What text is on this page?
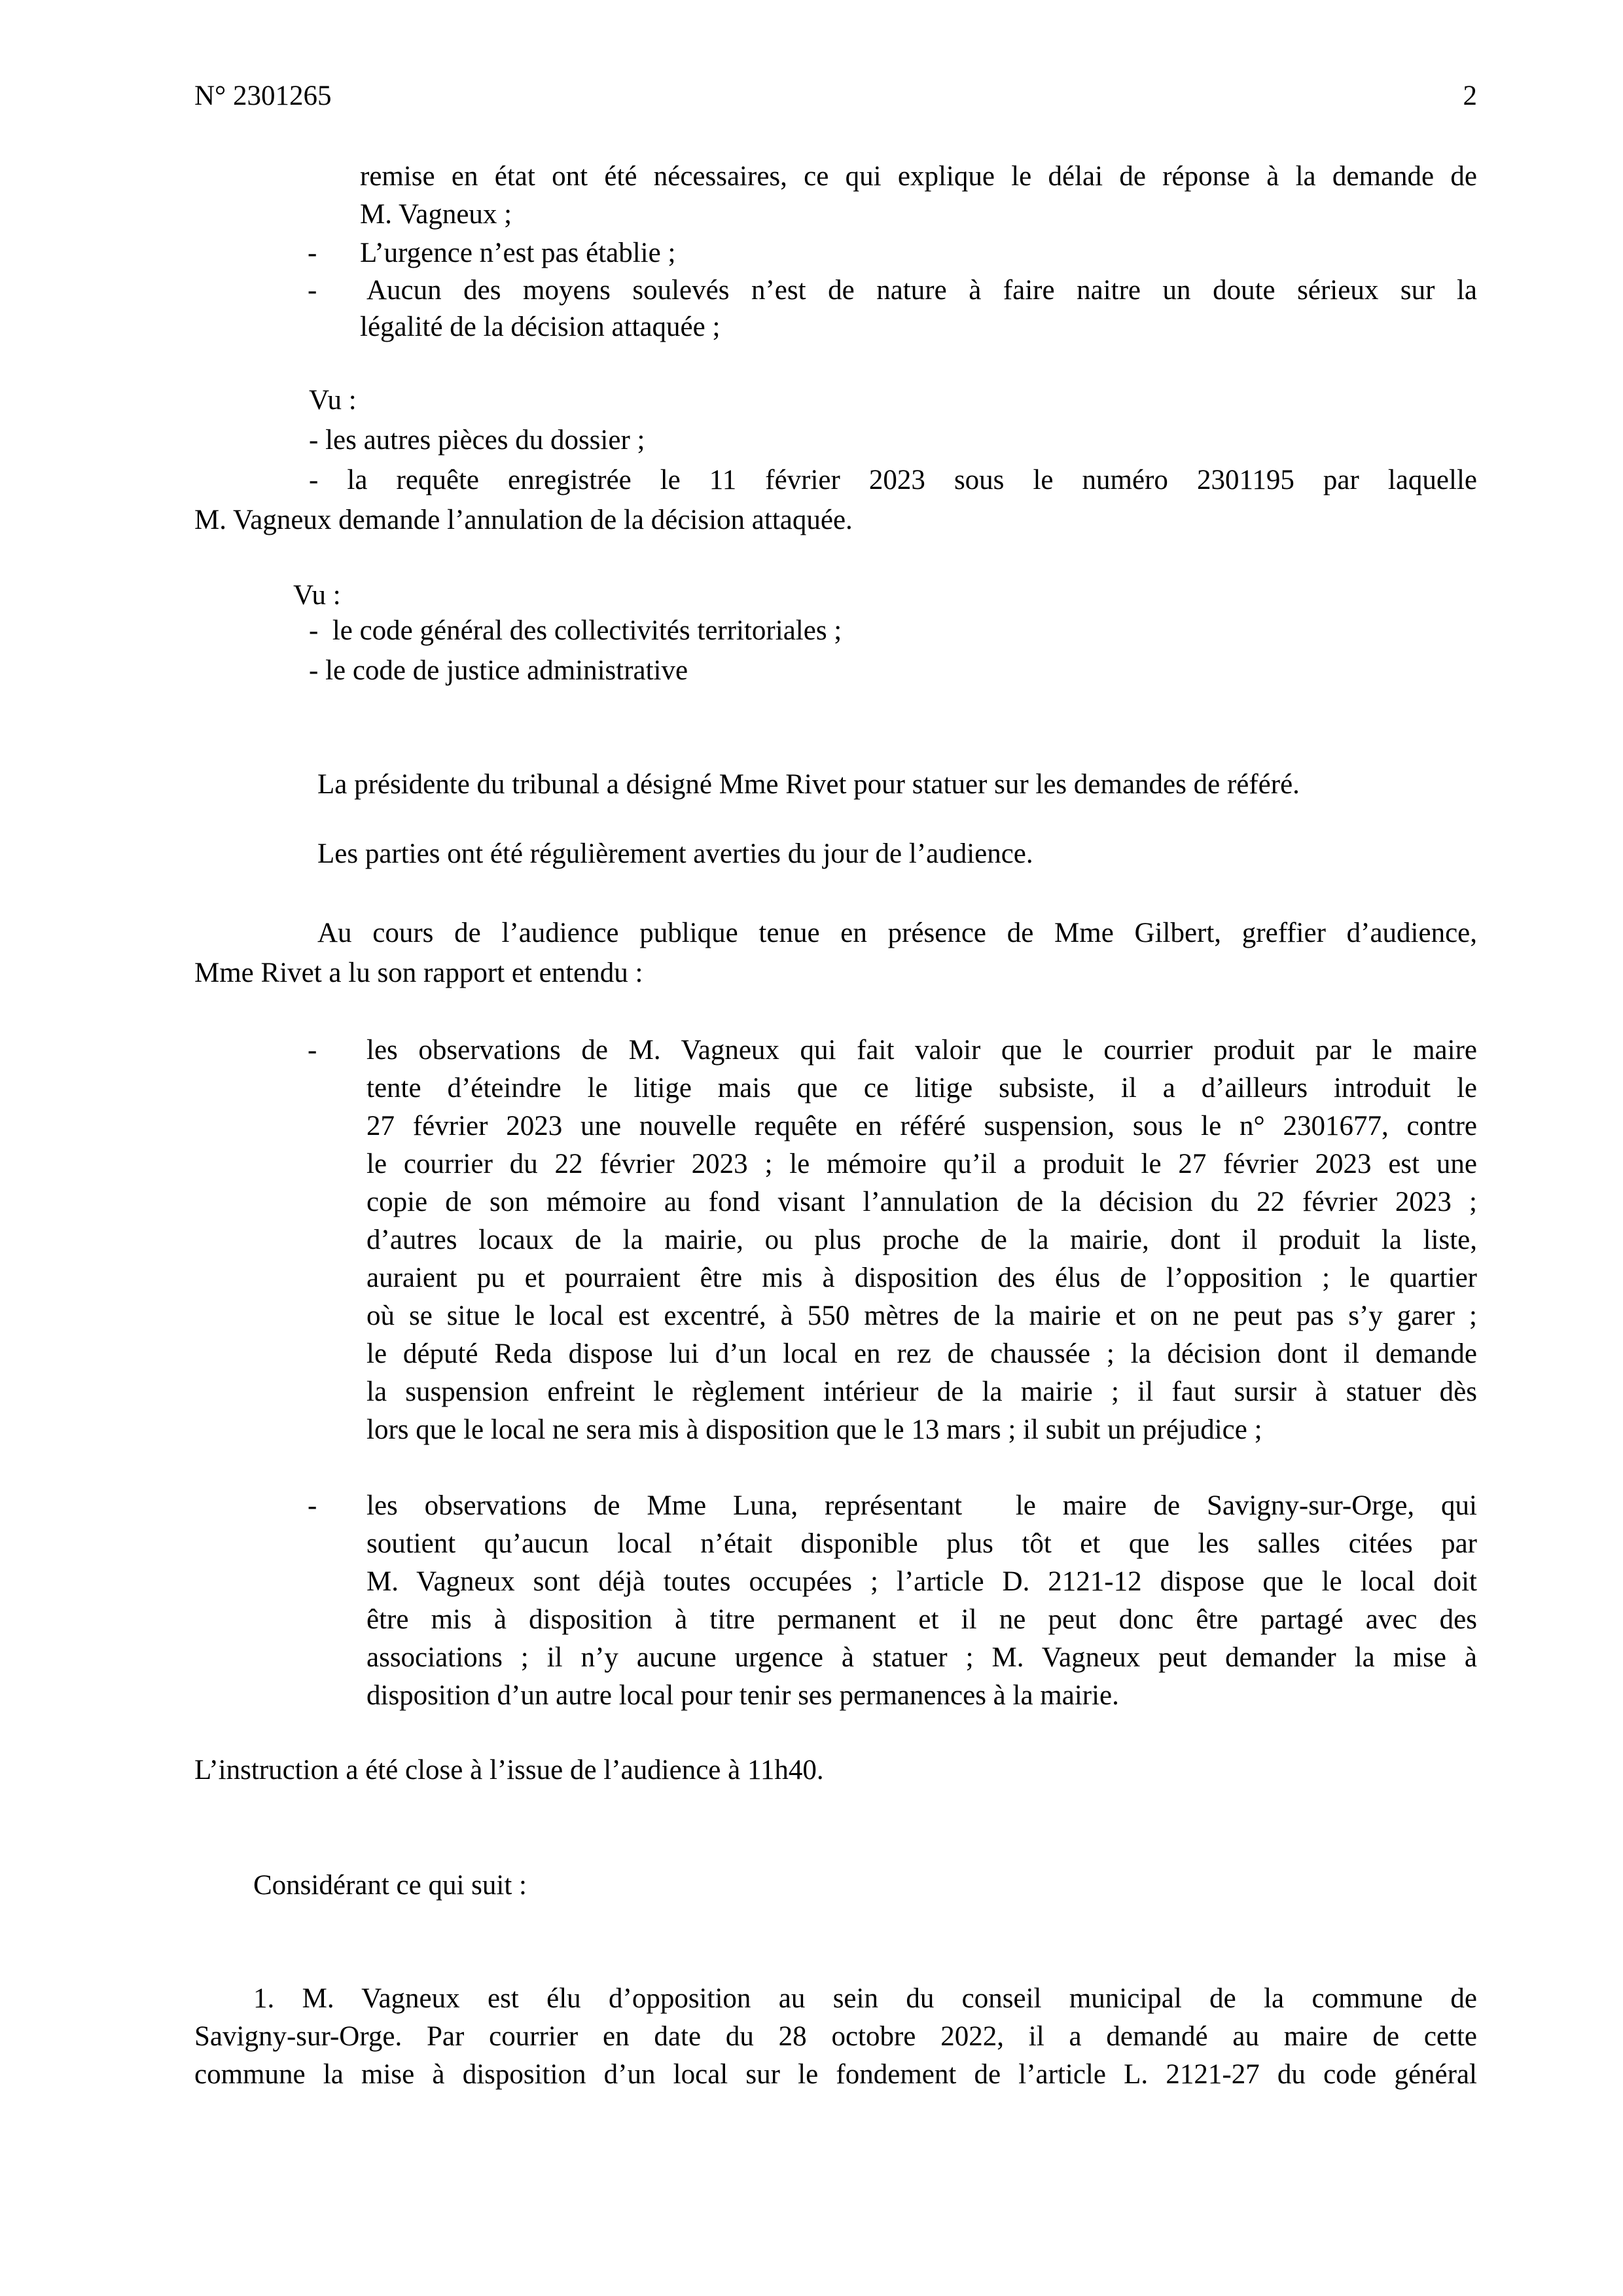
N° 2301265	2
remise en état ont été nécessaires, ce qui explique le délai de réponse à la demande de
M. Vagneux ;
- L’urgence n’est pas établie ;
- Aucun des moyens soulevés n’est de nature à faire naitre un doute sérieux sur la
légalité de la décision attaquée ;
Vu :
- les autres pièces du dossier ;
- la requête enregistrée le 11 février 2023 sous le numéro 2301195 par laquelle
M. Vagneux demande l’annulation de la décision attaquée.
Vu :
-  le code général des collectivités territoriales ;
- le code de justice administrative
La présidente du tribunal a désigné Mme Rivet pour statuer sur les demandes de référé.
Les parties ont été régulièrement averties du jour de l’audience.
Au cours de l’audience publique tenue en présence de Mme Gilbert, greffier d’audience,
Mme Rivet a lu son rapport et entendu :
- les observations de M. Vagneux qui fait valoir que le courrier produit par le maire
tente d’éteindre le litige mais que ce litige subsiste, il a d’ailleurs introduit le
27 février 2023 une nouvelle requête en référé suspension, sous le n° 2301677, contre
le courrier du 22 février 2023 ; le mémoire qu’il a produit le 27 février 2023 est une
copie de son mémoire au fond visant l’annulation de la décision du 22 février 2023 ;
d’autres locaux de la mairie, ou plus proche de la mairie, dont il produit la liste,
auraient pu et pourraient être mis à disposition des élus de l’opposition ; le quartier
où se situe le local est excentré, à 550 mètres de la mairie et on ne peut pas s’y garer ;
le député Reda dispose lui d’un local en rez de chaussée ; la décision dont il demande
la suspension enfreint le règlement intérieur de la mairie ; il faut sursir à statuer dès
lors que le local ne sera mis à disposition que le 13 mars ; il subit un préjudice ;
- les observations de Mme Luna, représentant  le maire de Savigny-sur-Orge, qui
soutient qu’aucun local n’était disponible plus tôt et que les salles citées par
M. Vagneux sont déjà toutes occupées ; l’article D. 2121-12 dispose que le local doit
être mis à disposition à titre permanent et il ne peut donc être partagé avec des
associations ; il n’y aucune urgence à statuer ; M. Vagneux peut demander la mise à
disposition d’un autre local pour tenir ses permanences à la mairie.
L’instruction a été close à l’issue de l’audience à 11h40.
Considérant ce qui suit :
1. M. Vagneux est élu d’opposition au sein du conseil municipal de la commune de
Savigny-sur-Orge. Par courrier en date du 28 octobre 2022, il a demandé au maire de cette
commune la mise à disposition d’un local sur le fondement de l’article L. 2121-27 du code général
